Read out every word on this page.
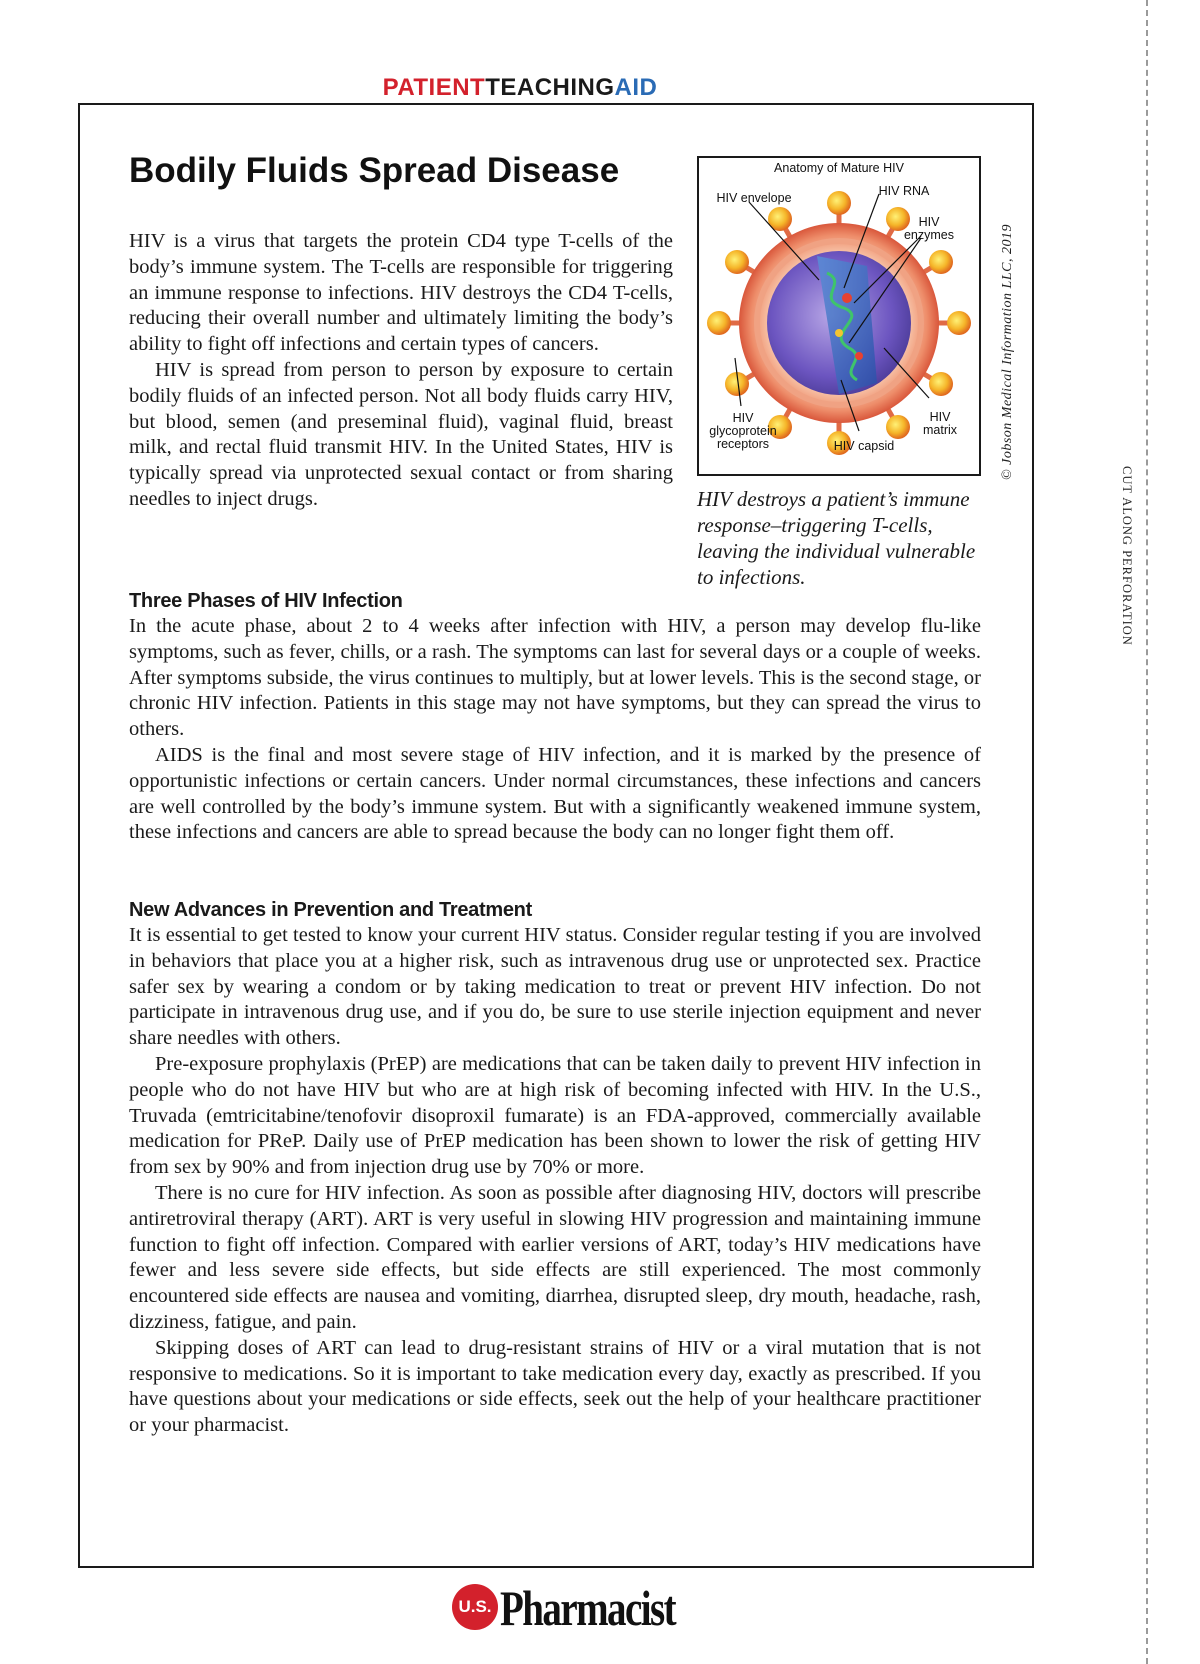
PATIENTTEACHINGAID
Bodily Fluids Spread Disease

HIV is a virus that targets the protein CD4 type T-cells of the body’s immune system. The T-cells are responsible for triggering an immune response to infections. HIV destroys the CD4 T-cells, reducing their overall number and ultimately limiting the body’s ability to fight off infections and certain types of cancers.

HIV is spread from person to person by exposure to certain bodily fluids of an infected person. Not all body fluids carry HIV, but blood, semen (and preseminal fluid), vaginal fluid, breast milk, and rectal fluid transmit HIV. In the United States, HIV is typically spread via unprotected sexual contact or from sharing needles to inject drugs.

Anatomy of Mature HIV
HIV envelope	HIV RNA
HIV enzymes
HIV glycoprotein receptors
HIV matrix
HIV capsid	© Jobson Medical Information LLC, 2019
HIV destroys a patient’s immune response–triggering T-cells, leaving the individual vulnerable to infections.
Three Phases of HIV Infection

In the acute phase, about 2 to 4 weeks after infection with HIV, a person may develop flu-like symptoms, such as fever, chills, or a rash. The symptoms can last for several days or a couple of weeks. After symptoms subside, the virus continues to multiply, but at lower levels. This is the second stage, or chronic HIV infection. Patients in this stage may not have symptoms, but they can spread the virus to others.

AIDS is the final and most severe stage of HIV infection, and it is marked by the presence of opportunistic infections or certain cancers. Under normal circumstances, these infections and cancers are well controlled by the body’s immune system. But with a significantly weakened immune system, these infections and cancers are able to spread because the body can no longer fight them off.

New Advances in Prevention and Treatment

It is essential to get tested to know your current HIV status. Consider regular testing if you are involved in behaviors that place you at a higher risk, such as intravenous drug use or unprotected sex. Practice safer sex by wearing a condom or by taking medication to treat or prevent HIV infection. Do not participate in intravenous drug use, and if you do, be sure to use sterile injection equipment and never share needles with others.

Pre-exposure prophylaxis (PrEP) are medications that can be taken daily to prevent HIV infection in people who do not have HIV but who are at high risk of becoming infected with HIV. In the U.S., Truvada (emtricitabine/tenofovir disoproxil fumarate) is an FDA-approved, commercially available medication for PReP. Daily use of PrEP medication has been shown to lower the risk of getting HIV from sex by 90% and from injection drug use by 70% or more.

There is no cure for HIV infection. As soon as possible after diagnosing HIV, doctors will prescribe antiretroviral therapy (ART). ART is very useful in slowing HIV progression and maintaining immune function to fight off infection. Compared with earlier versions of ART, today’s HIV medications have fewer and less severe side effects, but side effects are still experienced. The most commonly encountered side effects are nausea and vomiting, diarrhea, disrupted sleep, dry mouth, headache, rash, dizziness, fatigue, and pain.

Skipping doses of ART can lead to drug-resistant strains of HIV or a viral mutation that is not responsive to medications. So it is important to take medication every day, exactly as prescribed. If you have questions about your medications or side effects, seek out the help of your healthcare practitioner or your pharmacist.

CUT ALONG PERFORATION
U.S. Pharmacist
